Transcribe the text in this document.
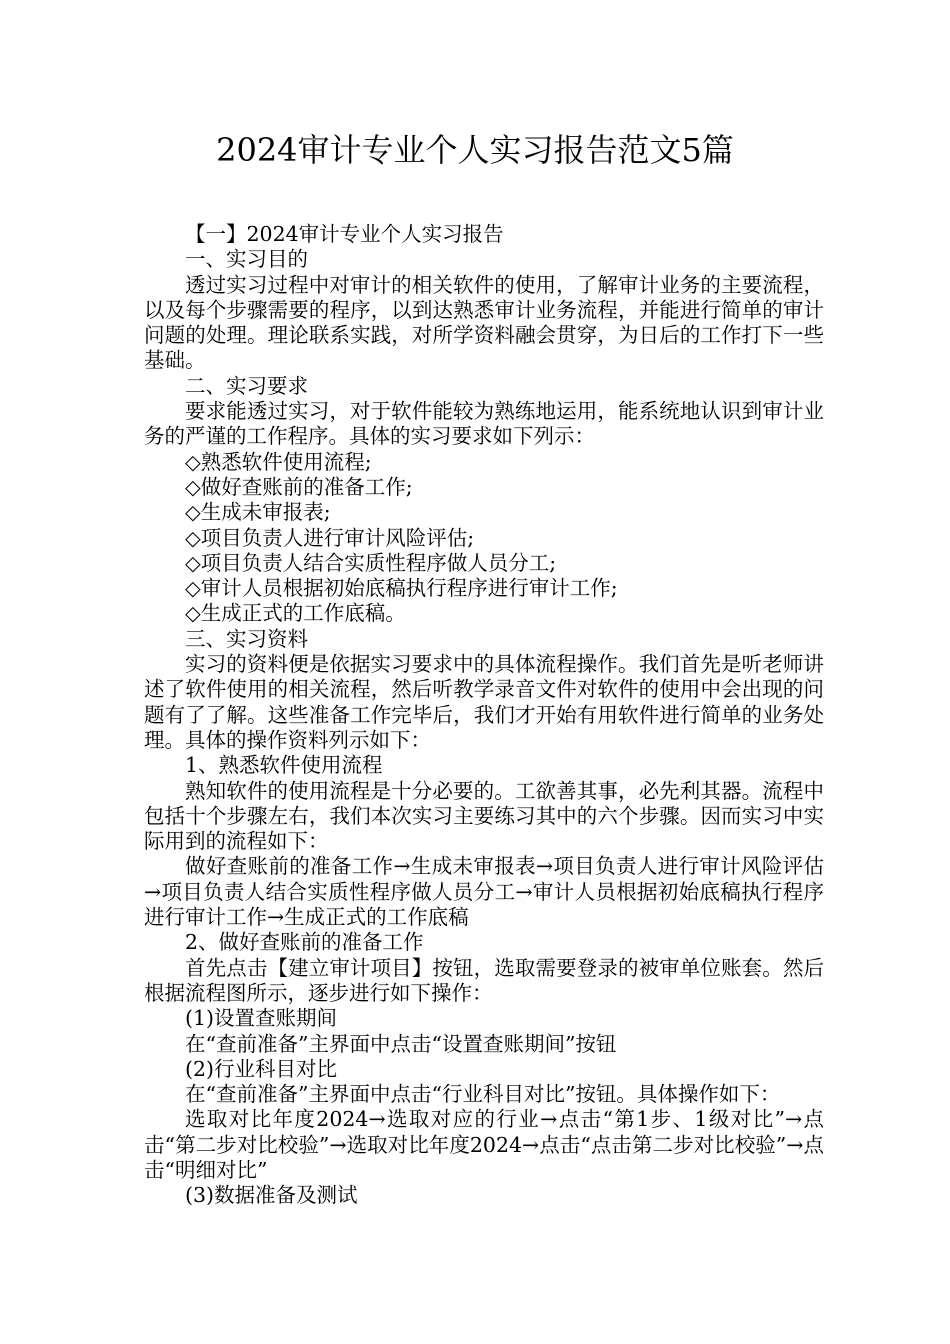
2024审计专业个人实习报告范文5篇

【一】2024审计专业个人实习报告

一、实习目的

透过实习过程中对审计的相关软件的使用，了解审计业务的主要流程，以及每个步骤需要的程序，以到达熟悉审计业务流程，并能进行简单的审计问题的处理。理论联系实践，对所学资料融会贯穿，为日后的工作打下一些基础。

二、实习要求

要求能透过实习，对于软件能较为熟练地运用，能系统地认识到审计业务的严谨的工作程序。具体的实习要求如下列示：

◇熟悉软件使用流程;

◇做好查账前的准备工作;

◇生成未审报表;

◇项目负责人进行审计风险评估;

◇项目负责人结合实质性程序做人员分工;

◇审计人员根据初始底稿执行程序进行审计工作;

◇生成正式的工作底稿。

三、实习资料

实习的资料便是依据实习要求中的具体流程操作。我们首先是听老师讲述了软件使用的相关流程，然后听教学录音文件对软件的使用中会出现的问题有了了解。这些准备工作完毕后，我们才开始有用软件进行简单的业务处理。具体的操作资料列示如下：

1、熟悉软件使用流程

熟知软件的使用流程是十分必要的。工欲善其事，必先利其器。流程中包括十个步骤左右，我们本次实习主要练习其中的六个步骤。因而实习中实际用到的流程如下：

做好查账前的准备工作→生成未审报表→项目负责人进行审计风险评估→项目负责人结合实质性程序做人员分工→审计人员根据初始底稿执行程序进行审计工作→生成正式的工作底稿

2、做好查账前的准备工作

首先点击【建立审计项目】按钮，选取需要登录的被审单位账套。然后根据流程图所示，逐步进行如下操作：

(1)设置查账期间

在“查前准备”主界面中点击“设置查账期间”按钮

(2)行业科目对比

在“查前准备”主界面中点击“行业科目对比”按钮。具体操作如下：

选取对比年度2024→选取对应的行业→点击“第1步、1级对比”→点击“第二步对比校验”→选取对比年度2024→点击“点击第二步对比校验”→点击“明细对比”

(3)数据准备及测试
